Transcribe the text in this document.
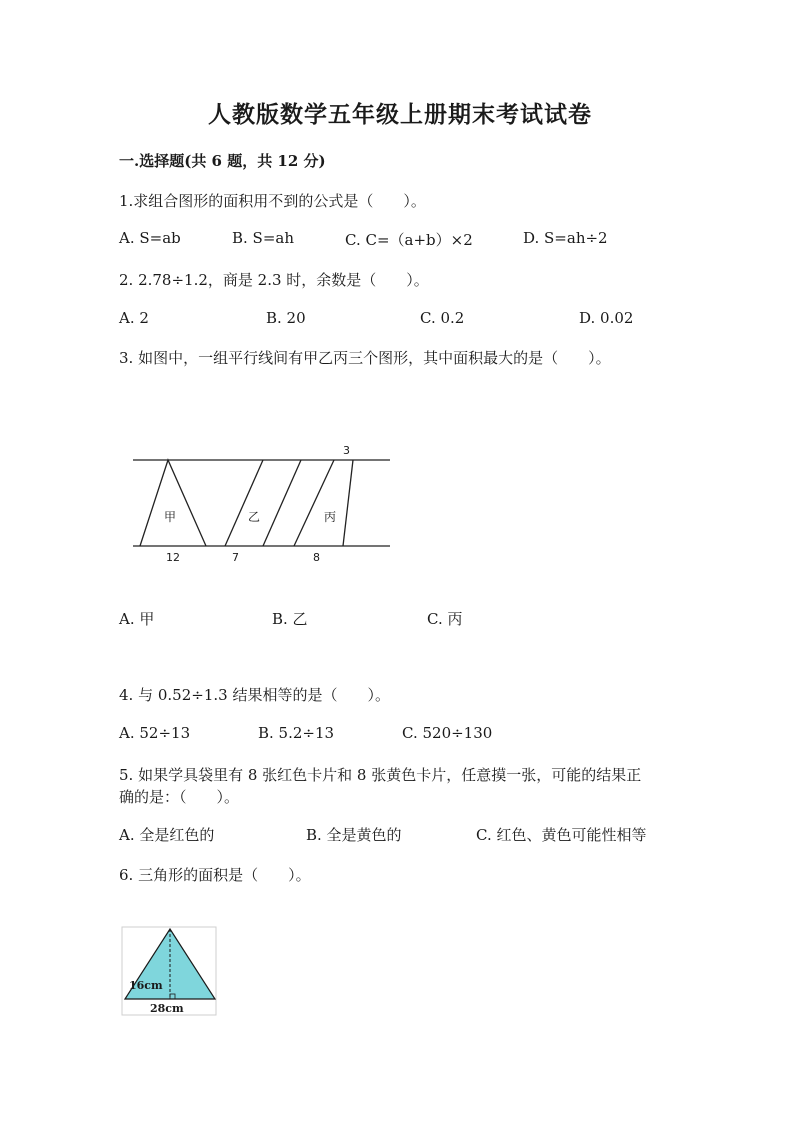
人教版数学五年级上册期末考试试卷
一.选择题(共 6 题，共 12 分)
1.求组合图形的面积用不到的公式是（　　）。
A. S=ab	B. S=ah	C. C=（a+b）×2	D. S=ah÷2
2. 2.78÷1.2，商是 2.3 时，余数是（　　）。
A. 2	B. 20	C. 0.2	D. 0.02
3. 如图中，一组平行线间有甲乙丙三个图形，其中面积最大的是（　　）。
3
甲	乙	丙
12	7	8
A. 甲	B. 乙	C. 丙
4. 与 0.52÷1.3 结果相等的是（　　）。
A. 52÷13	B. 5.2÷13	C. 520÷130
5. 如果学具袋里有 8 张红色卡片和 8 张黄色卡片，任意摸一张，可能的结果正
确的是：（　　）。
A. 全是红色的	B. 全是黄色的	C. 红色、黄色可能性相等
6. 三角形的面积是（　　）。
16cm
28cm
